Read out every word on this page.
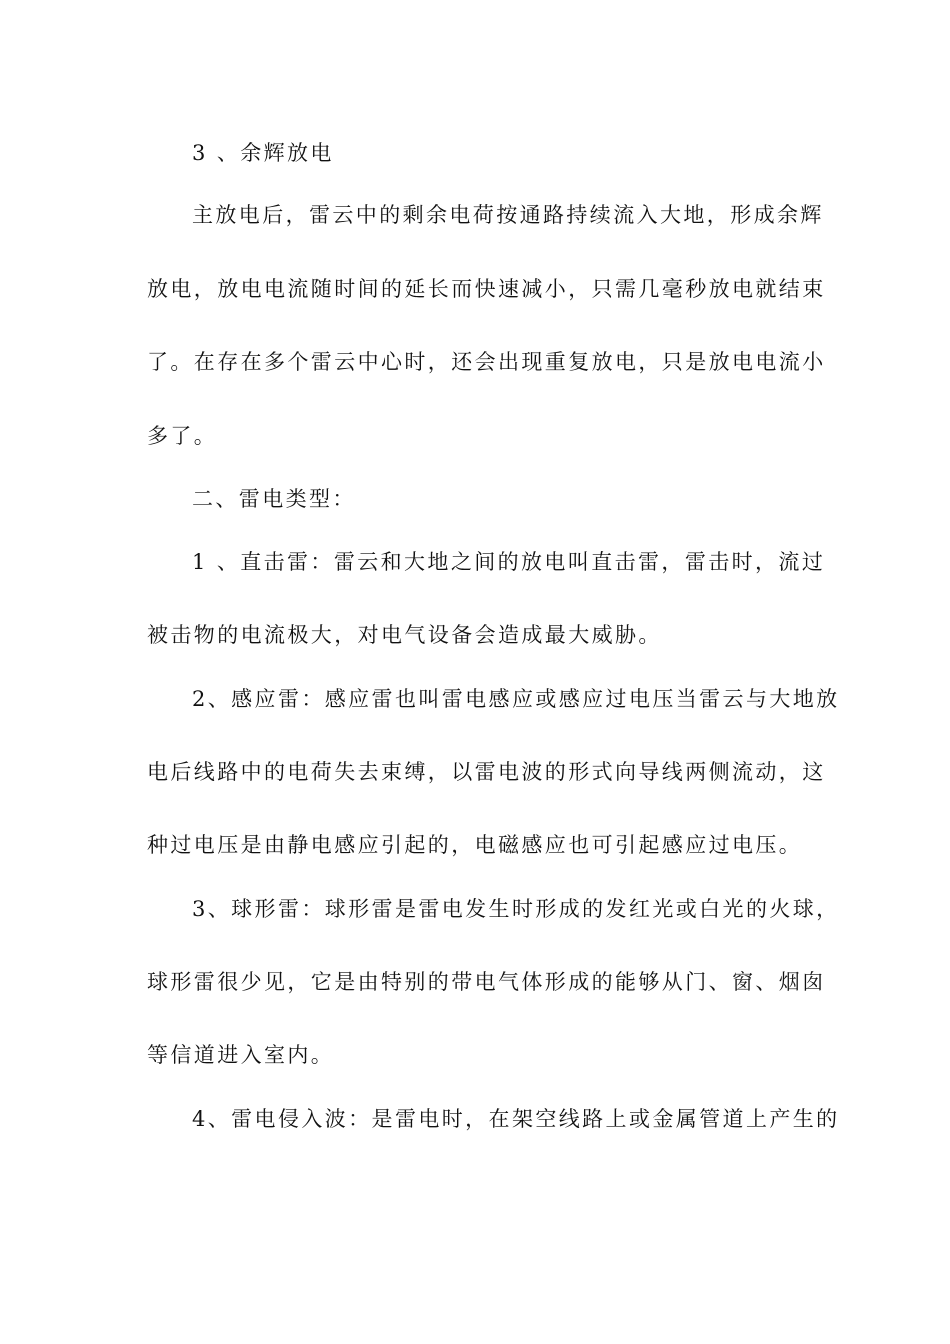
3 、余辉放电
主放电后，雷云中的剩余电荷按通路持续流入大地，形成余辉
放电，放电电流随时间的延长而快速减小，只需几毫秒放电就结束
了。在存在多个雷云中心时，还会出现重复放电，只是放电电流小
多了。
二、雷电类型：
1 、直击雷：雷云和大地之间的放电叫直击雷，雷击时，流过
被击物的电流极大，对电气设备会造成最大威胁。
2、感应雷：感应雷也叫雷电感应或感应过电压当雷云与大地放
电后线路中的电荷失去束缚，以雷电波的形式向导线两侧流动，这
种过电压是由静电感应引起的，电磁感应也可引起感应过电压。
3、球形雷：球形雷是雷电发生时形成的发红光或白光的火球，
球形雷很少见，它是由特别的带电气体形成的能够从门、窗、烟囱
等信道进入室内。
4、雷电侵入波：是雷电时，在架空线路上或金属管道上产生的
